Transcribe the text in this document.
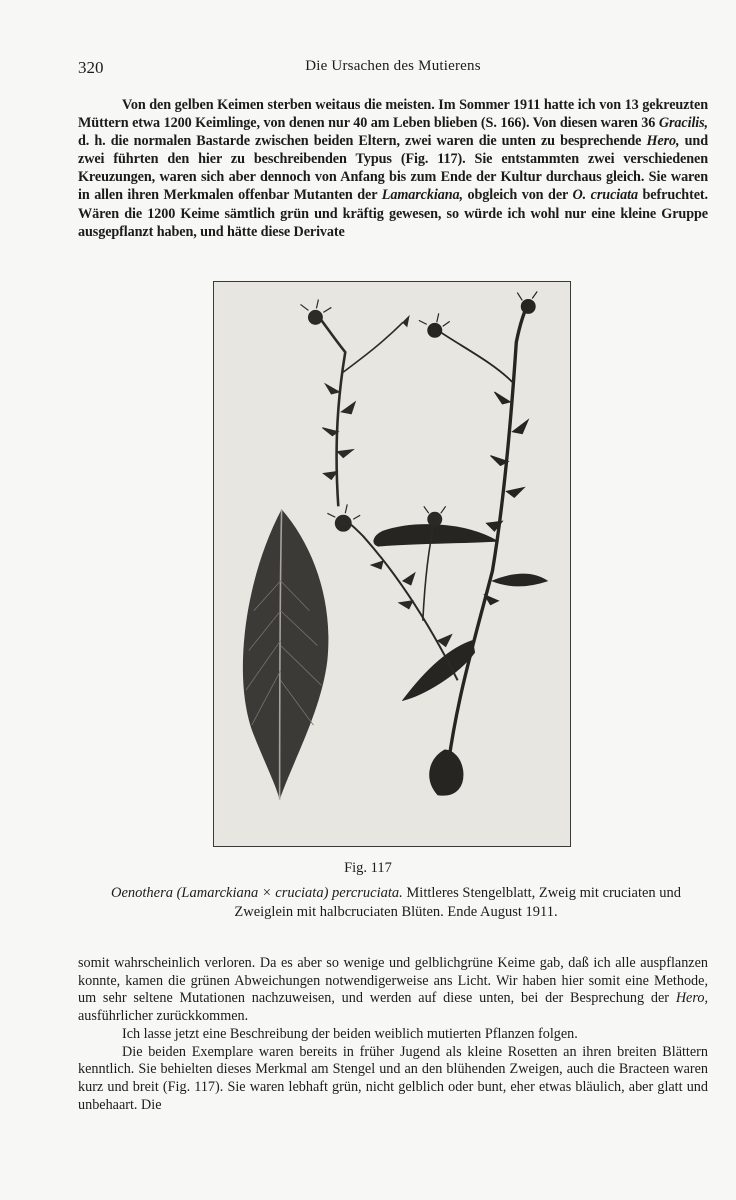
320	Die Ursachen des Mutierens

Von den gelben Keimen sterben weitaus die meisten. Im Sommer 1911 hatte ich von 13 gekreuzten Müttern etwa 1200 Keimlinge, von denen nur 40 am Leben blieben (S. 166). Von diesen waren 36 Gracilis, d. h. die normalen Bastarde zwischen beiden Eltern, zwei waren die unten zu besprechende Hero, und zwei führten den hier zu beschreibenden Typus (Fig. 117). Sie entstammten zwei verschiedenen Kreuzungen, waren sich aber dennoch von Anfang bis zum Ende der Kultur durchaus gleich. Sie waren in allen ihren Merkmalen offenbar Mutanten der Lamarckiana, obgleich von der O. cruciata befruchtet. Wären die 1200 Keime sämtlich grün und kräftig gewesen, so würde ich wohl nur eine kleine Gruppe ausgepflanzt haben, und hätte diese Derivate

Fig. 117
Oenothera (Lamarckiana × cruciata) percruciata. Mittleres Stengelblatt, Zweig mit cruciaten und Zweiglein mit halbcruciaten Blüten. Ende August 1911.

somit wahrscheinlich verloren. Da es aber so wenige und gelblichgrüne Keime gab, daß ich alle auspflanzen konnte, kamen die grünen Abweichungen notwendigerweise ans Licht. Wir haben hier somit eine Methode, um sehr seltene Mutationen nachzuweisen, und werden auf diese unten, bei der Besprechung der Hero, ausführlicher zurückkommen.

Ich lasse jetzt eine Beschreibung der beiden weiblich mutierten Pflanzen folgen.

Die beiden Exemplare waren bereits in früher Jugend als kleine Rosetten an ihren breiten Blättern kenntlich. Sie behielten dieses Merkmal am Stengel und an den blühenden Zweigen, auch die Bracteen waren kurz und breit (Fig. 117). Sie waren lebhaft grün, nicht gelblich oder bunt, eher etwas bläulich, aber glatt und unbehaart. Die
